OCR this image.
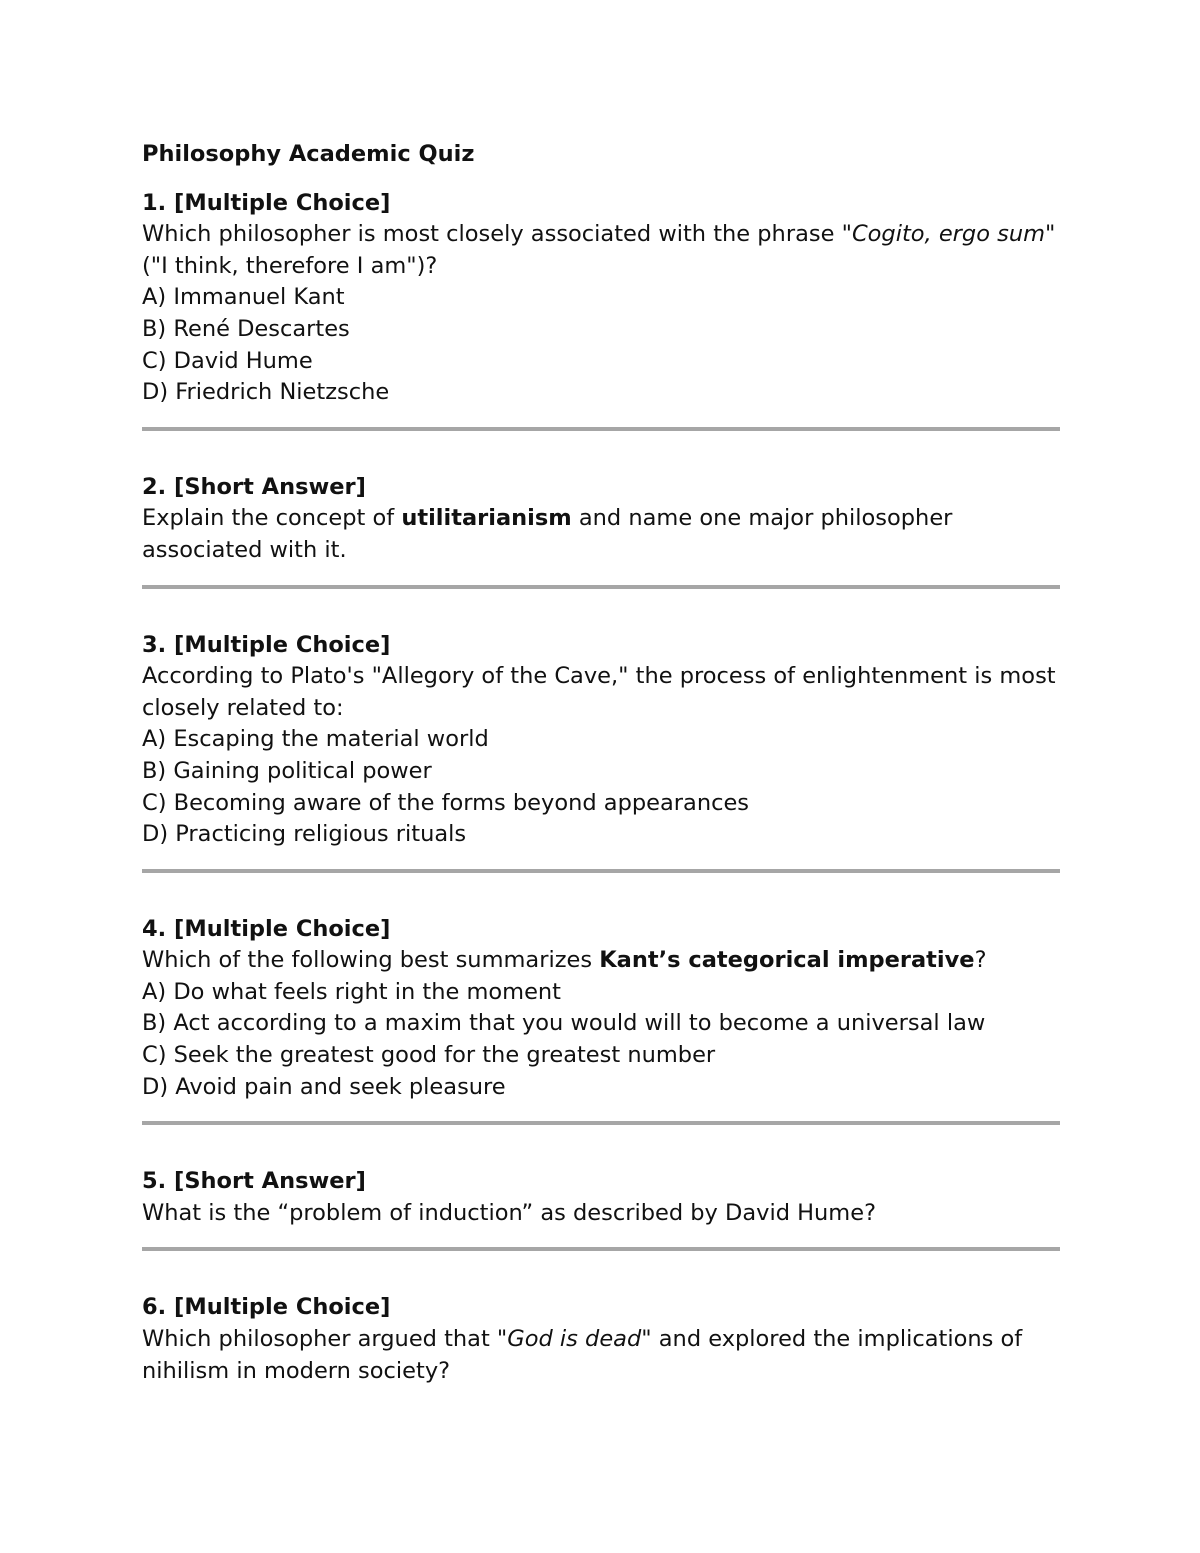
Philosophy Academic Quiz

1. [Multiple Choice]

Which philosopher is most closely associated with the phrase "Cogito, ergo sum" ("I think, therefore I am")?

A) Immanuel Kant

B) René Descartes

C) David Hume

D) Friedrich Nietzsche

2. [Short Answer]

Explain the concept of utilitarianism and name one major philosopher associated with it.

3. [Multiple Choice]

According to Plato's "Allegory of the Cave," the process of enlightenment is most closely related to:

A) Escaping the material world

B) Gaining political power

C) Becoming aware of the forms beyond appearances

D) Practicing religious rituals

4. [Multiple Choice]

Which of the following best summarizes Kant’s categorical imperative?

A) Do what feels right in the moment

B) Act according to a maxim that you would will to become a universal law

C) Seek the greatest good for the greatest number

D) Avoid pain and seek pleasure

5. [Short Answer]

What is the “problem of induction” as described by David Hume?

6. [Multiple Choice]

Which philosopher argued that "God is dead" and explored the implications of nihilism in modern society?
